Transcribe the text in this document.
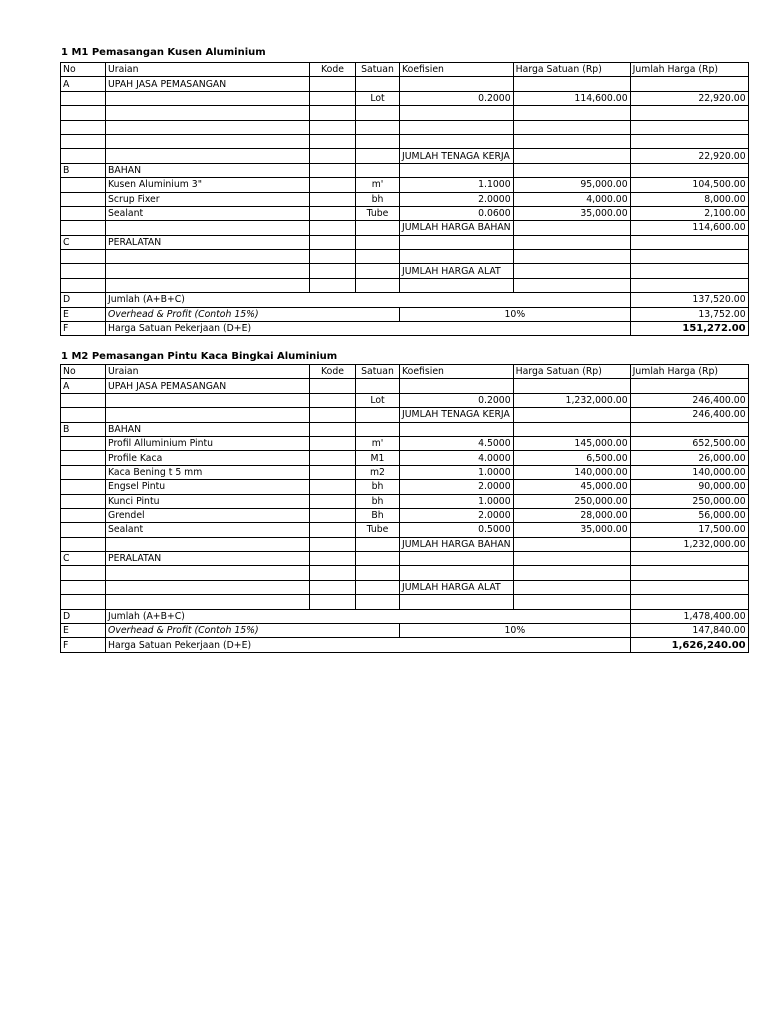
1 M1 Pemasangan Kusen Aluminium
No	Uraian	Kode	Satuan	Koefisien	Harga Satuan (Rp)	Jumlah Harga (Rp)
A	UPAH JASA PEMASANGAN					
			Lot	0.2000	114,600.00	22,920.00

				JUMLAH TENAGA KERJA		22,920.00
B	BAHAN					
	Kusen Aluminium 3"		m'	1.1000	95,000.00	104,500.00
	Scrup Fixer		bh	2.0000	4,000.00	8,000.00
	Sealant		Tube	0.0600	35,000.00	2,100.00
				JUMLAH HARGA BAHAN		114,600.00
C	PERALATAN					

				JUMLAH HARGA ALAT		

D	Jumlah (A+B+C)					137,520.00
E	Overhead & Profit (Contoh 15%)			10%		13,752.00
F	Harga Satuan Pekerjaan (D+E)					151,272.00
1 M2 Pemasangan Pintu Kaca Bingkai Aluminium
No	Uraian	Kode	Satuan	Koefisien	Harga Satuan (Rp)	Jumlah Harga (Rp)
A	UPAH JASA PEMASANGAN					
			Lot	0.2000	1,232,000.00	246,400.00
				JUMLAH TENAGA KERJA		246,400.00
B	BAHAN					
	Profil Alluminium Pintu		m'	4.5000	145,000.00	652,500.00
	Profile Kaca		M1	4.0000	6,500.00	26,000.00
	Kaca Bening t 5 mm		m2	1.0000	140,000.00	140,000.00
	Engsel Pintu		bh	2.0000	45,000.00	90,000.00
	Kunci Pintu		bh	1.0000	250,000.00	250,000.00
	Grendel		Bh	2.0000	28,000.00	56,000.00
	Sealant		Tube	0.5000	35,000.00	17,500.00
				JUMLAH HARGA BAHAN		1,232,000.00
C	PERALATAN					

				JUMLAH HARGA ALAT		

D	Jumlah (A+B+C)					1,478,400.00
E	Overhead & Profit (Contoh 15%)			10%		147,840.00
F	Harga Satuan Pekerjaan (D+E)					1,626,240.00
